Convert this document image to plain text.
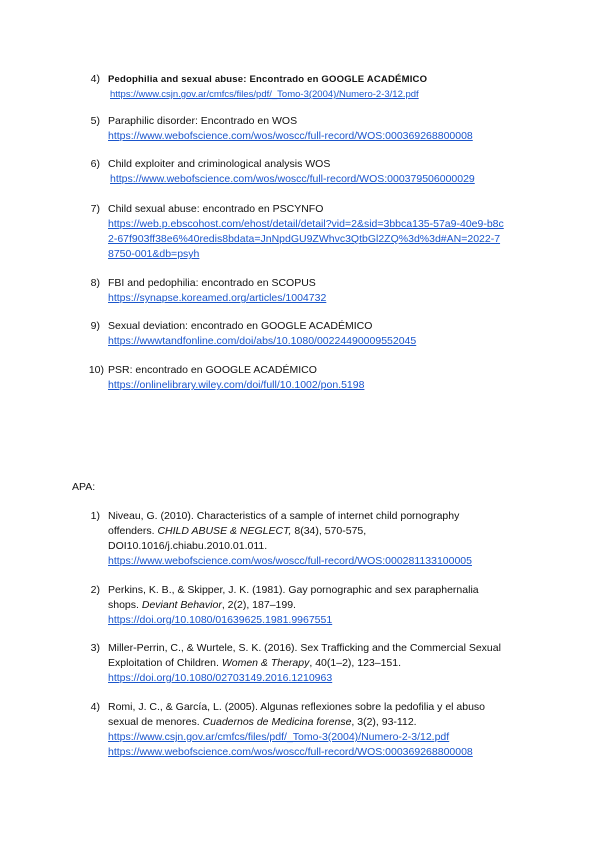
4) Pedophilia and sexual abuse: Encontrado en GOOGLE ACADÉMICO
https://www.csjn.gov.ar/cmfcs/files/pdf/_Tomo-3(2004)/Numero-2-3/12.pdf
5) Paraphilic disorder: Encontrado en WOS
https://www.webofscience.com/wos/woscc/full-record/WOS:000369268800008
6) Child exploiter and criminological analysis WOS
https://www.webofscience.com/wos/woscc/full-record/WOS:000379506000029
7) Child sexual abuse: encontrado en PSCYNFO
https://web.p.ebscohost.com/ehost/detail/detail?vid=2&sid=3bbca135-57a9-40e9-b8c
2-67f903ff38e6%40redis8bdata=JnNpdGU9ZWhvc3QtbGl2ZQ%3d%3d#AN=2022-7
8750-001&db=psyh
8) FBI and pedophilia: encontrado en SCOPUS
https://synapse.koreamed.org/articles/1004732
9) Sexual deviation: encontrado en GOOGLE ACADÉMICO
https://wwwtandfonline.com/doi/abs/10.1080/00224490009552045
10) PSR: encontrado en GOOGLE ACADÉMICO
https://onlinelibrary.wiley.com/doi/full/10.1002/pon.5198
APA:
1) Niveau, G. (2010). Characteristics of a sample of internet child pornography
offenders. CHILD ABUSE & NEGLECT, 8(34), 570-575,
DOI10.1016/j.chiabu.2010.01.011.
https://www.webofscience.com/wos/woscc/full-record/WOS:000281133100005
2) Perkins, K. B., & Skipper, J. K. (1981). Gay pornographic and sex paraphernalia
shops. Deviant Behavior, 2(2), 187–199.
https://doi.org/10.1080/01639625.1981.9967551
3) Miller-Perrin, C., & Wurtele, S. K. (2016). Sex Trafficking and the Commercial Sexual
Exploitation of Children. Women & Therapy, 40(1–2), 123–151.
https://doi.org/10.1080/02703149.2016.1210963
4) Romi, J. C., & García, L. (2005). Algunas reflexiones sobre la pedofilia y el abuso
sexual de menores. Cuadernos de Medicina forense, 3(2), 93-112.
https://www.csjn.gov.ar/cmfcs/files/pdf/_Tomo-3(2004)/Numero-2-3/12.pdf
https://www.webofscience.com/wos/woscc/full-record/WOS:000369268800008
